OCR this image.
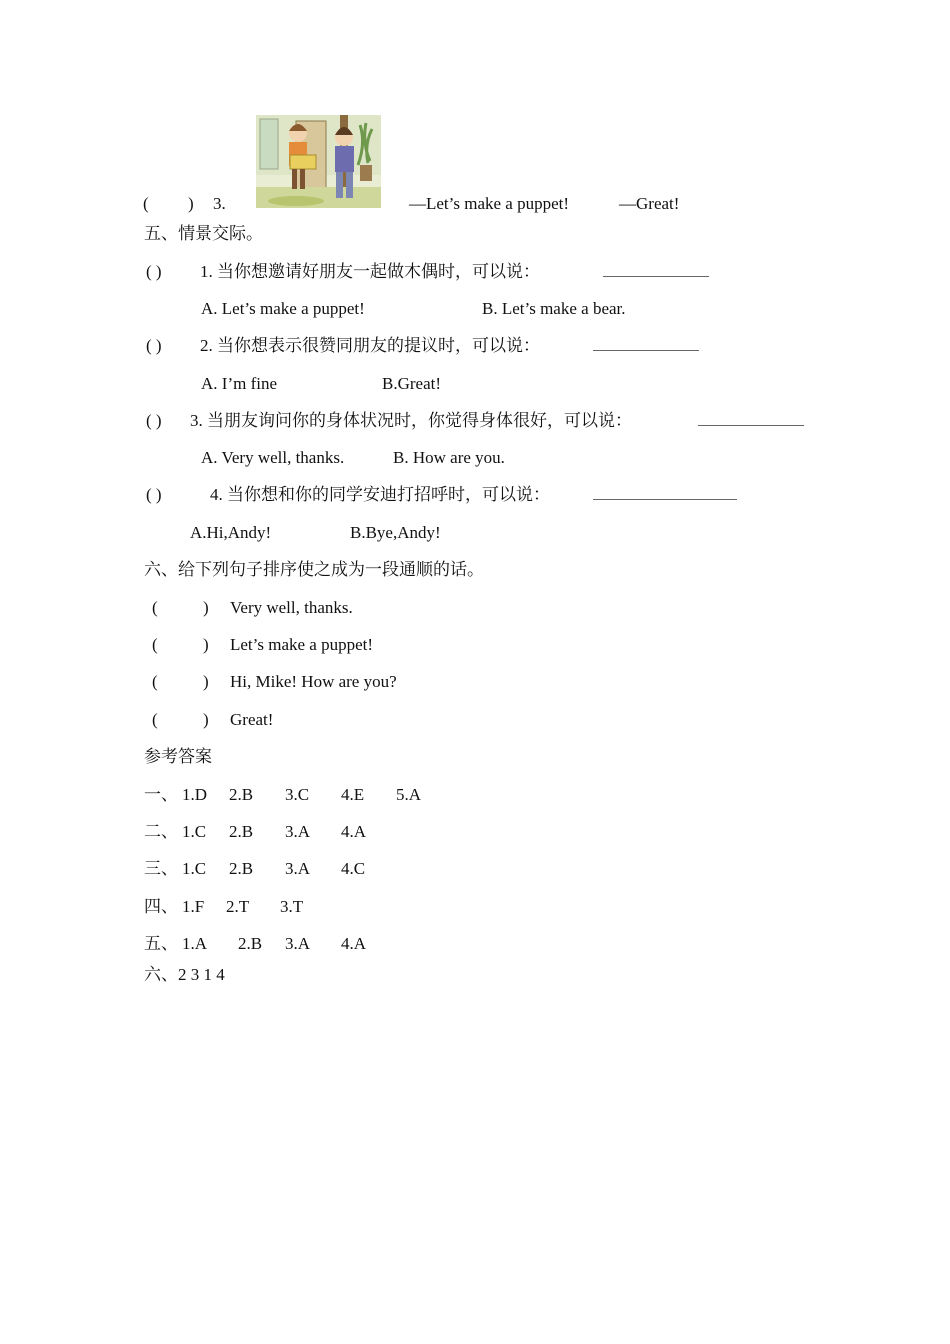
( ) 3.	—Let’s make a puppet!	—Great!
五、情景交际。
( ) 1. 当你想邀请好朋友一起做木偶时，可以说：
A. Let’s make a puppet!	B. Let’s make a bear.
( ) 2. 当你想表示很赞同朋友的提议时，可以说：
A. I’m fine	B.Great!
( ) 3. 当朋友询问你的身体状况时，你觉得身体很好，可以说：
A. Very well, thanks.	B. How are you.
( )	4. 当你想和你的同学安迪打招呼时，可以说：
A.Hi,Andy!	B.Bye,Andy!
六、给下列句子排序使之成为一段通顺的话。
(	) Very well, thanks.
(	) Let’s make a puppet!
(	) Hi, Mike! How are you?
(	) Great!
参考答案
一、 1.D 2.B 3.C 4.E 5.A
二、 1.C 2.B 3.A 4.A
三、 1.C 2.B 3.A 4.C
四、 1.F 2.T 3.T
五、 1.A 2.B 3.A 4.A
六、2 3 1 4
